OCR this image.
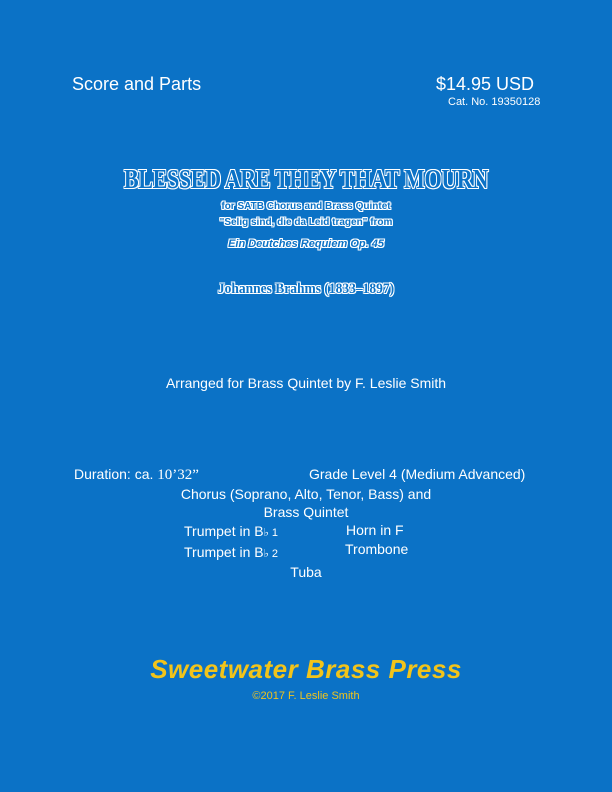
Score and Parts	$14.95 USD
Cat. No. 19350128
BLESSED ARE THEY THAT MOURN
for SATB Chorus and Brass Quintet
"Selig sind, die da Leid tragen" from
Ein Deutches Requiem Op. 45
Johannes Brahms (1833–1897)
Arranged for Brass Quintet by F. Leslie Smith
Duration: ca. 10’32”	Grade Level 4 (Medium Advanced)
Chorus (Soprano, Alto, Tenor, Bass) and
Brass Quintet
Trumpet in B♭ 1
Trumpet in B♭ 2
Horn in F
Trombone
Tuba
Sweetwater Brass Press
©2017 F. Leslie Smith
